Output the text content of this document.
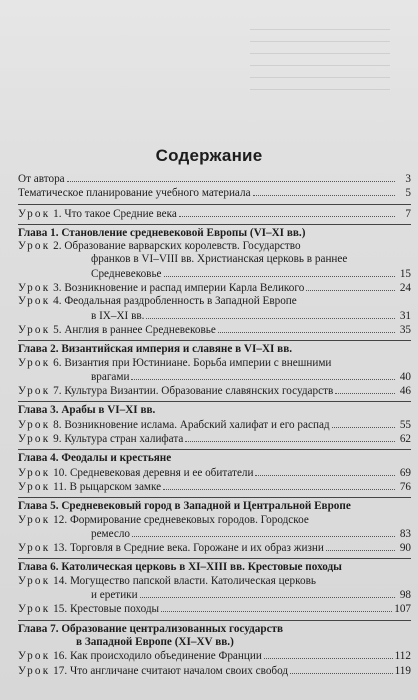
Содержание
От автора	3
Тематическое планирование учебного материала	5
Урок 1. Что такое Средние века	7
Глава 1. Становление средневековой Европы (VI–XI вв.)
Урок 2. Образование варварских королевств. Государство
франков в VI–VIII вв. Христианская церковь в раннее
Средневековье	15
Урок 3. Возникновение и распад империи Карла Великого	24
Урок 4. Феодальная раздробленность в Западной Европе
в IX–XI вв.	31
Урок 5. Англия в раннее Средневековье	35
Глава 2. Византийская империя и славяне в VI–XI вв.
Урок 6. Византия при Юстиниане. Борьба империи с внешними
врагами	40
Урок 7. Культура Византии. Образование славянских государств	46
Глава 3. Арабы в VI–XI вв.
Урок 8. Возникновение ислама. Арабский халифат и его распад	55
Урок 9. Культура стран халифата	62
Глава 4. Феодалы и крестьяне
Урок 10. Средневековая деревня и ее обитатели	69
Урок 11. В рыцарском замке	76
Глава 5. Средневековый город в Западной и Центральной Европе
Урок 12. Формирование средневековых городов. Городское
ремесло	83
Урок 13. Торговля в Средние века. Горожане и их образ жизни	90
Глава 6. Католическая церковь в XI–XIII вв. Крестовые походы
Урок 14. Могущество папской власти. Католическая церковь
и еретики	98
Урок 15. Крестовые походы	107
Глава 7. Образование централизованных государств
в Западной Европе (XI–XV вв.)
Урок 16. Как происходило объединение Франции	112
Урок 17. Что англичане считают началом своих свобод	119
